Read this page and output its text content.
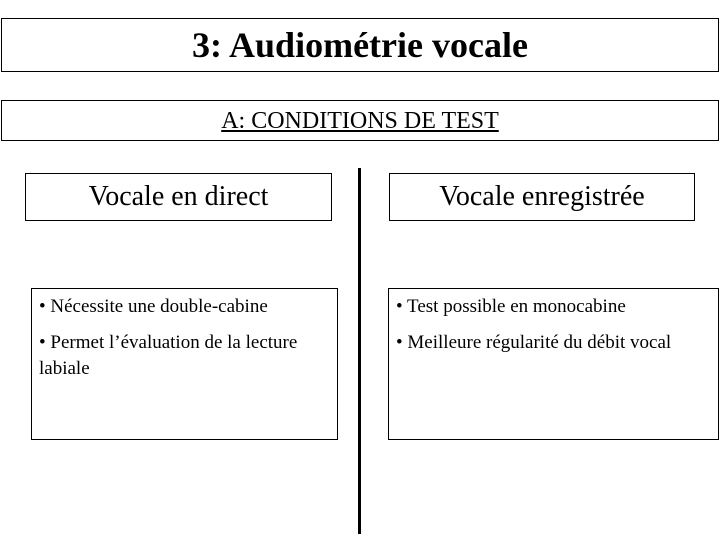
3: Audiométrie vocale
A: CONDITIONS DE TEST
Vocale en direct	Vocale enregistrée
• Nécessite une double-cabine
• Permet l’évaluation de la lecture labiale
• Test possible en monocabine
• Meilleure régularité du débit vocal
